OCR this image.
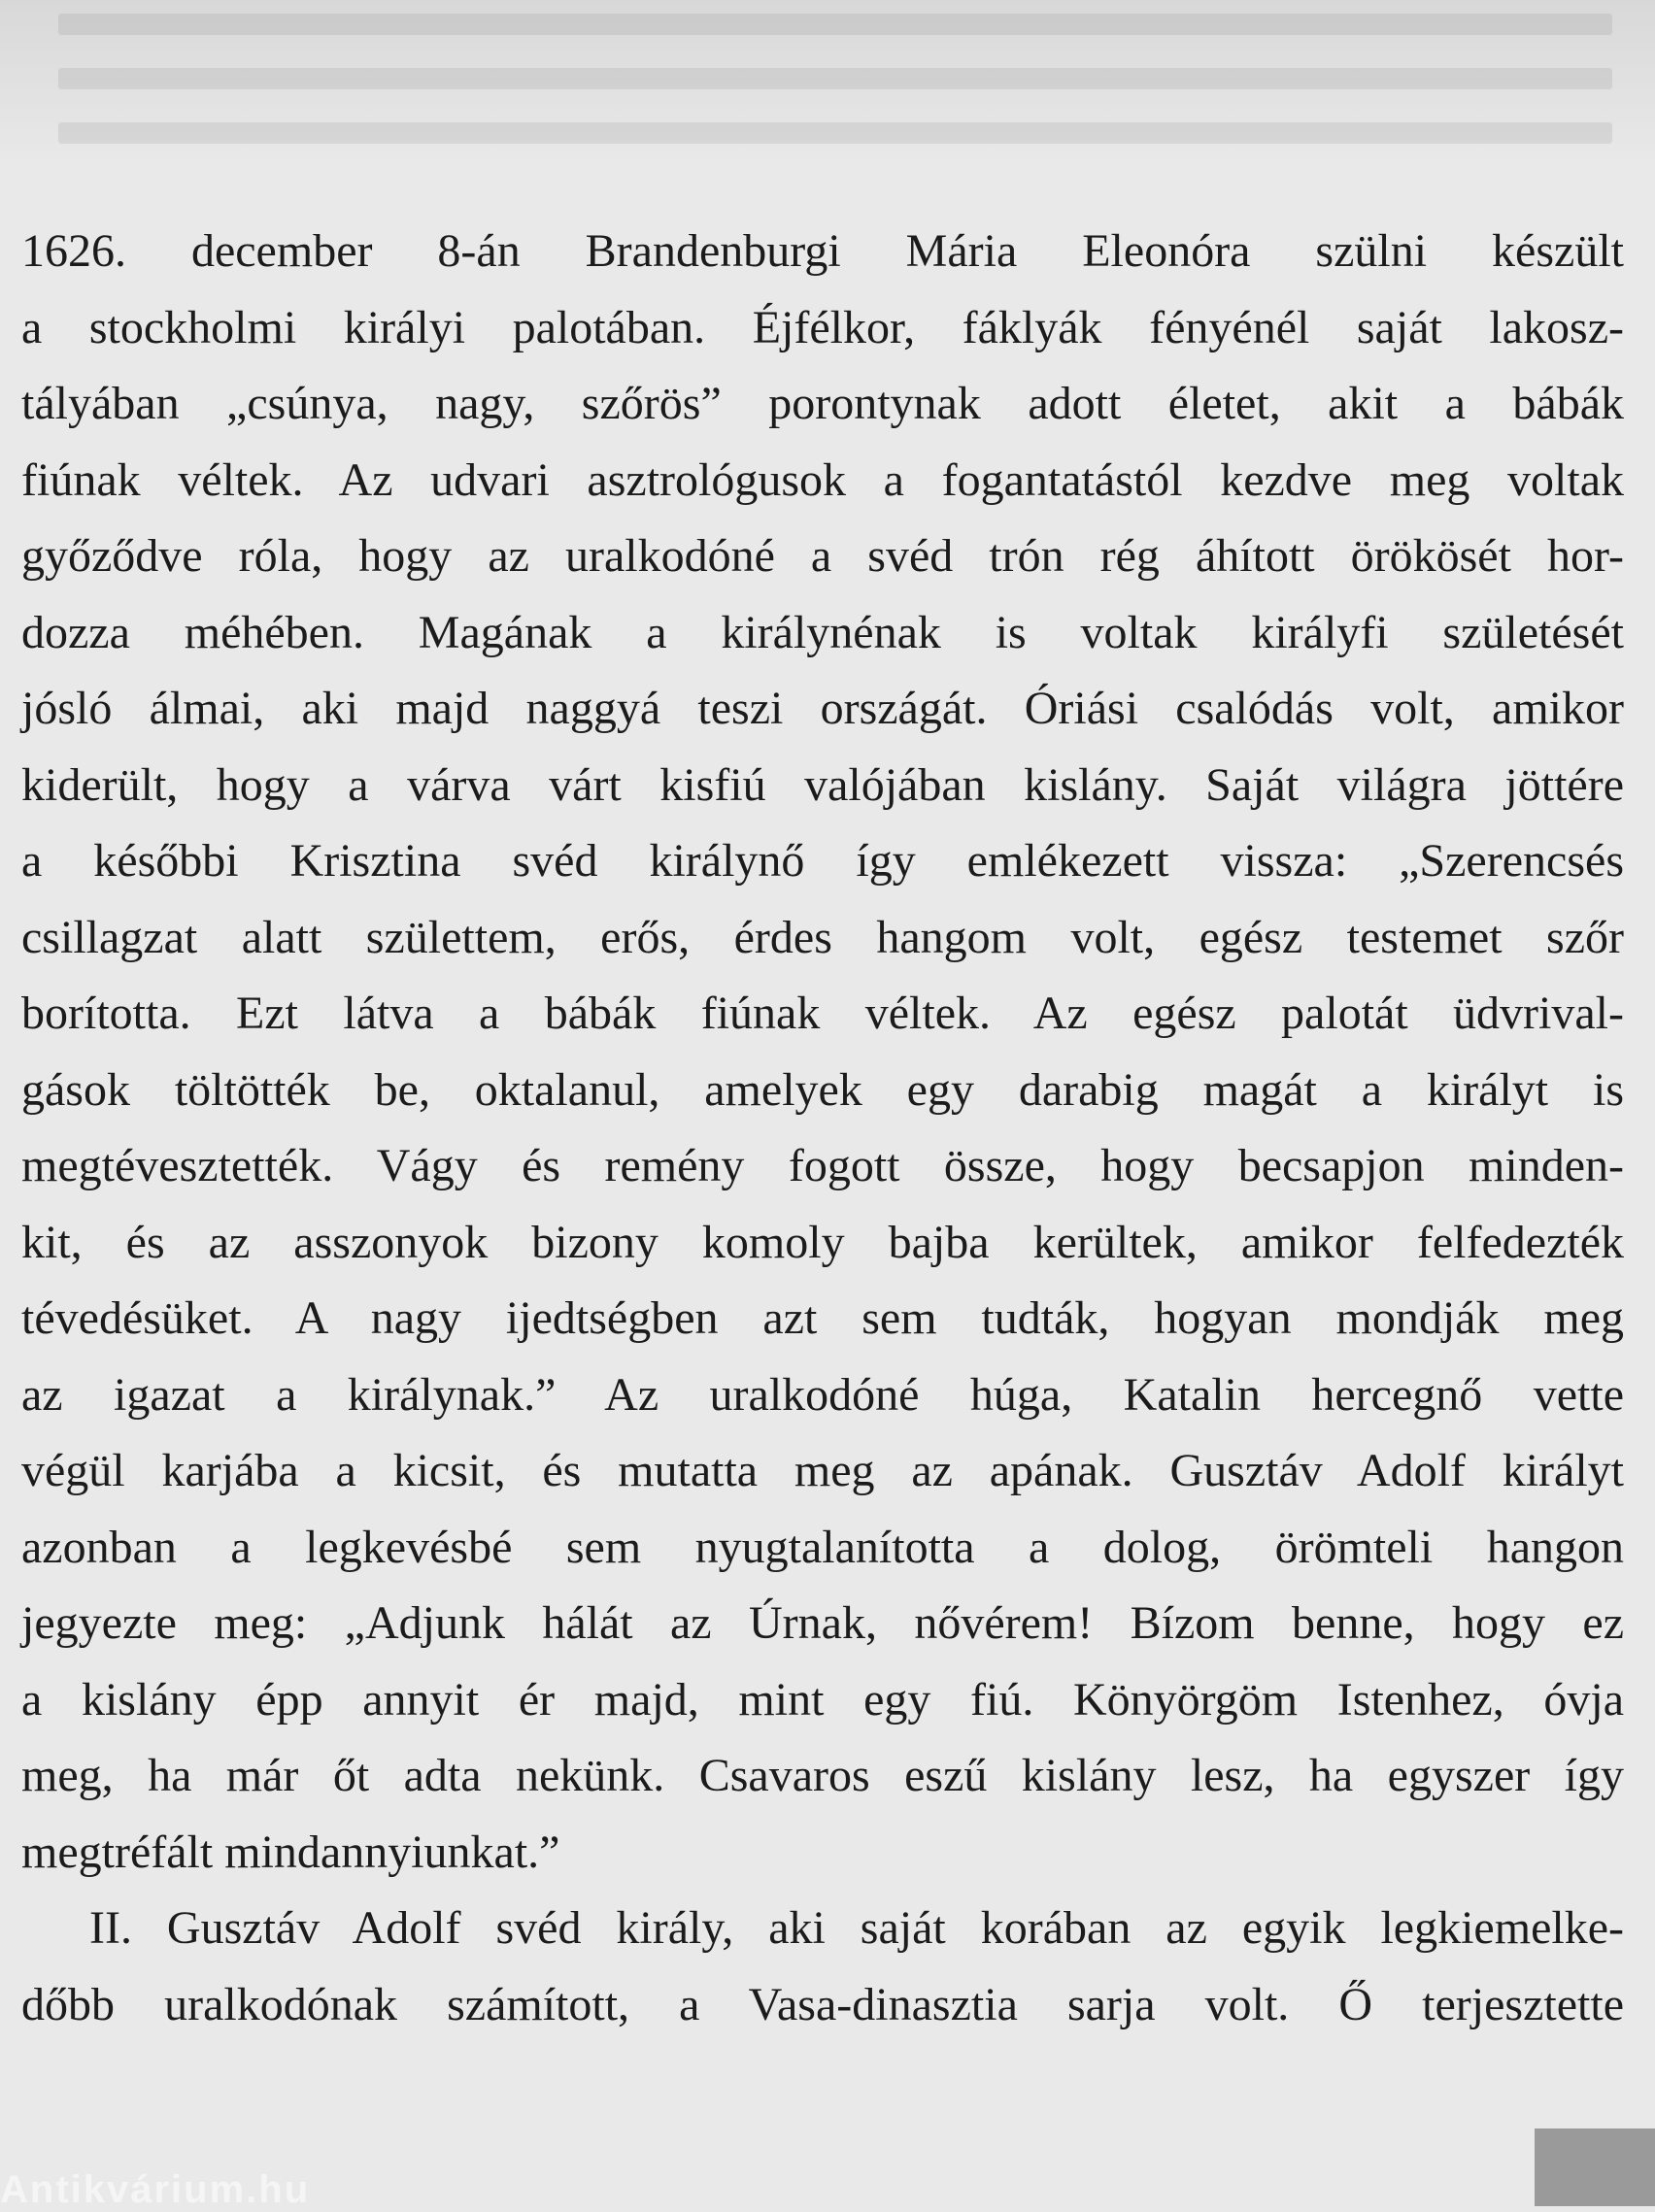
1626. december 8-án Brandenburgi Mária Eleonóra szülni készült
a stockholmi királyi palotában. Éjfélkor, fáklyák fényénél saját lakosz-
tályában „csúnya, nagy, szőrös” porontynak adott életet, akit a bábák
fiúnak véltek. Az udvari asztrológusok a fogantatástól kezdve meg voltak
győződve róla, hogy az uralkodóné a svéd trón rég áhított örökösét hor-
dozza méhében. Magának a királynénak is voltak királyfi születését
jósló álmai, aki majd naggyá teszi országát. Óriási csalódás volt, amikor
kiderült, hogy a várva várt kisfiú valójában kislány. Saját világra jöttére
a későbbi Krisztina svéd királynő így emlékezett vissza: „Szerencsés
csillagzat alatt születtem, erős, érdes hangom volt, egész testemet szőr
borította. Ezt látva a bábák fiúnak véltek. Az egész palotát üdvrival-
gások töltötték be, oktalanul, amelyek egy darabig magát a királyt is
megtévesztették. Vágy és remény fogott össze, hogy becsapjon minden-
kit, és az asszonyok bizony komoly bajba kerültek, amikor felfedezték
tévedésüket. A nagy ijedtségben azt sem tudták, hogyan mondják meg
az igazat a királynak.” Az uralkodóné húga, Katalin hercegnő vette
végül karjába a kicsit, és mutatta meg az apának. Gusztáv Adolf királyt
azonban a legkevésbé sem nyugtalanította a dolog, örömteli hangon
jegyezte meg: „Adjunk hálát az Úrnak, nővérem! Bízom benne, hogy ez
a kislány épp annyit ér majd, mint egy fiú. Könyörgöm Istenhez, óvja
meg, ha már őt adta nekünk. Csavaros eszű kislány lesz, ha egyszer így
megtréfált mindannyiunkat.”
II. Gusztáv Adolf svéd király, aki saját korában az egyik legkiemelke-
dőbb uralkodónak számított, a Vasa-dinasztia sarja volt. Ő terjesztette
Antikvárium.hu
